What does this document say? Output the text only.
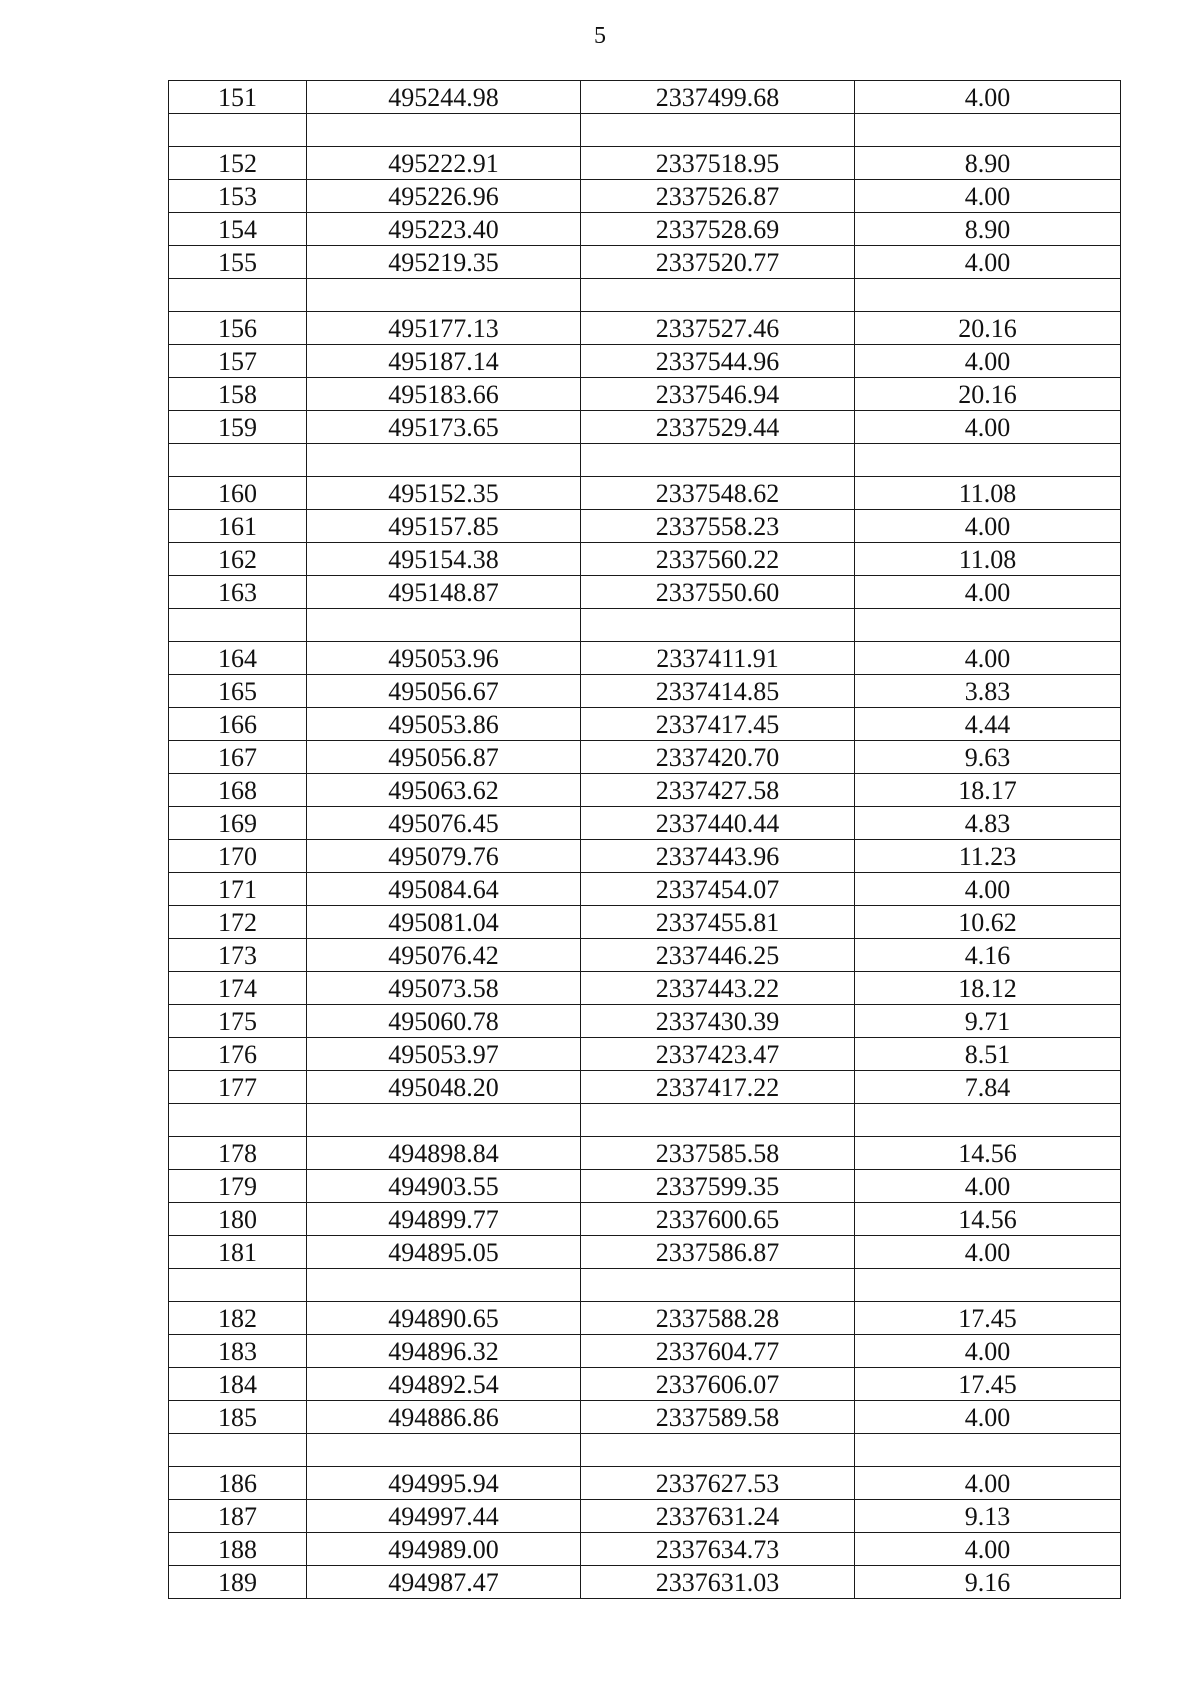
5
151	495244.98	2337499.68	4.00

152	495222.91	2337518.95	8.90
153	495226.96	2337526.87	4.00
154	495223.40	2337528.69	8.90
155	495219.35	2337520.77	4.00

156	495177.13	2337527.46	20.16
157	495187.14	2337544.96	4.00
158	495183.66	2337546.94	20.16
159	495173.65	2337529.44	4.00

160	495152.35	2337548.62	11.08
161	495157.85	2337558.23	4.00
162	495154.38	2337560.22	11.08
163	495148.87	2337550.60	4.00

164	495053.96	2337411.91	4.00
165	495056.67	2337414.85	3.83
166	495053.86	2337417.45	4.44
167	495056.87	2337420.70	9.63
168	495063.62	2337427.58	18.17
169	495076.45	2337440.44	4.83
170	495079.76	2337443.96	11.23
171	495084.64	2337454.07	4.00
172	495081.04	2337455.81	10.62
173	495076.42	2337446.25	4.16
174	495073.58	2337443.22	18.12
175	495060.78	2337430.39	9.71
176	495053.97	2337423.47	8.51
177	495048.20	2337417.22	7.84

178	494898.84	2337585.58	14.56
179	494903.55	2337599.35	4.00
180	494899.77	2337600.65	14.56
181	494895.05	2337586.87	4.00

182	494890.65	2337588.28	17.45
183	494896.32	2337604.77	4.00
184	494892.54	2337606.07	17.45
185	494886.86	2337589.58	4.00

186	494995.94	2337627.53	4.00
187	494997.44	2337631.24	9.13
188	494989.00	2337634.73	4.00
189	494987.47	2337631.03	9.16
